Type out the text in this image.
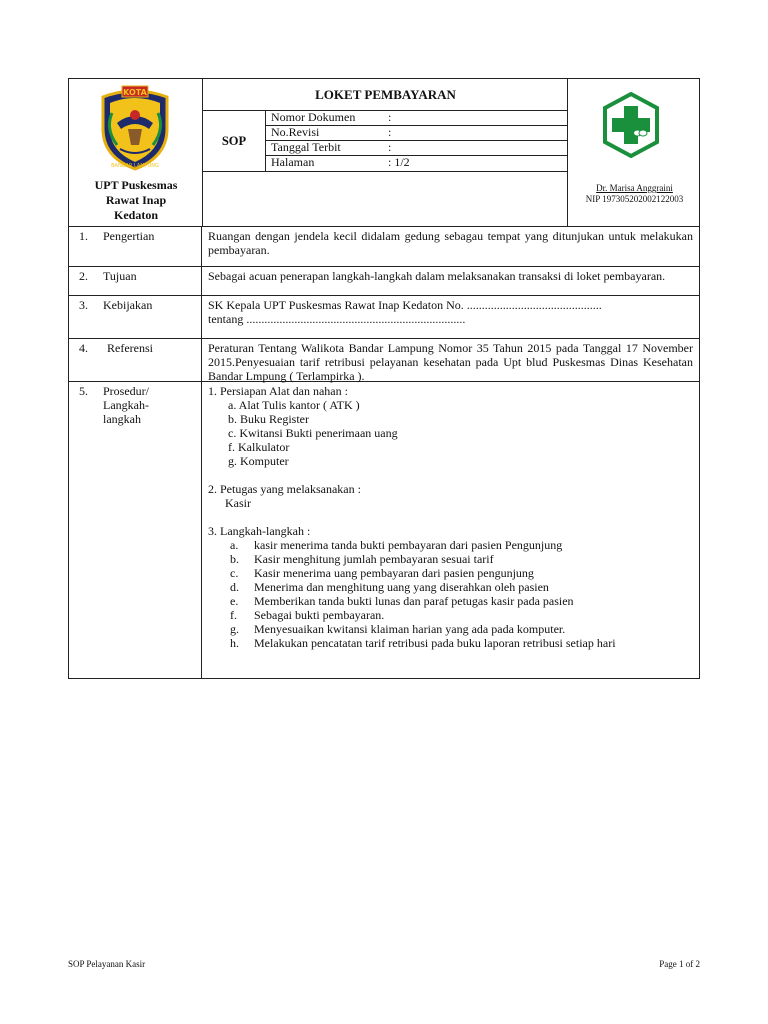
KOTA
BANDAR LAMPUNG
UPT Puskesmas
Rawat Inap
Kedaton
LOKET PEMBAYARAN
SOP
Nomor Dokumen	:
No.Revisi	:
Tanggal Terbit	:
Halaman	: 1/2
Dr. Marisa Anggraini
NIP 197305202002122003
1.	Pengertian	Ruangan dengan jendela kecil didalam gedung sebagau tempat yang ditunjukan untuk melakukan pembayaran.
2.	Tujuan	Sebagai acuan penerapan langkah-langkah dalam melaksanakan transaksi di loket pembayaran.
3.	Kebijakan	SK Kepala UPT Puskesmas Rawat Inap Kedaton No. .............................................
tentang .........................................................................
4.	Referensi	Peraturan Tentang Walikota Bandar Lampung Nomor 35 Tahun 2015 pada Tanggal 17 November 2015.Penyesuaian tarif retribusi pelayanan kesehatan pada Upt blud Puskesmas Dinas Kesehatan Bandar Lmpung ( Terlampirka ).
5.	Prosedur/
Langkah-
langkah
1. Persiapan Alat dan nahan :
a. Alat Tulis kantor ( ATK )
b. Buku Register
c. Kwitansi Bukti penerimaan uang
f. Kalkulator
g. Komputer
2. Petugas yang melaksanakan :
Kasir
3. Langkah-langkah :
a.	kasir menerima tanda bukti pembayaran dari pasien Pengunjung
b.	Kasir menghitung jumlah pembayaran sesuai tarif
c.	Kasir menerima uang pembayaran dari pasien pengunjung
d.	Menerima dan menghitung uang yang diserahkan oleh pasien
e.	Memberikan tanda bukti lunas dan paraf petugas kasir pada pasien
f.	Sebagai bukti pembayaran.
g.	Menyesuaikan kwitansi klaiman harian yang ada pada komputer.
h.	Melakukan pencatatan tarif retribusi pada buku laporan retribusi setiap hari
SOP Pelayanan Kasir	Page 1 of 2
